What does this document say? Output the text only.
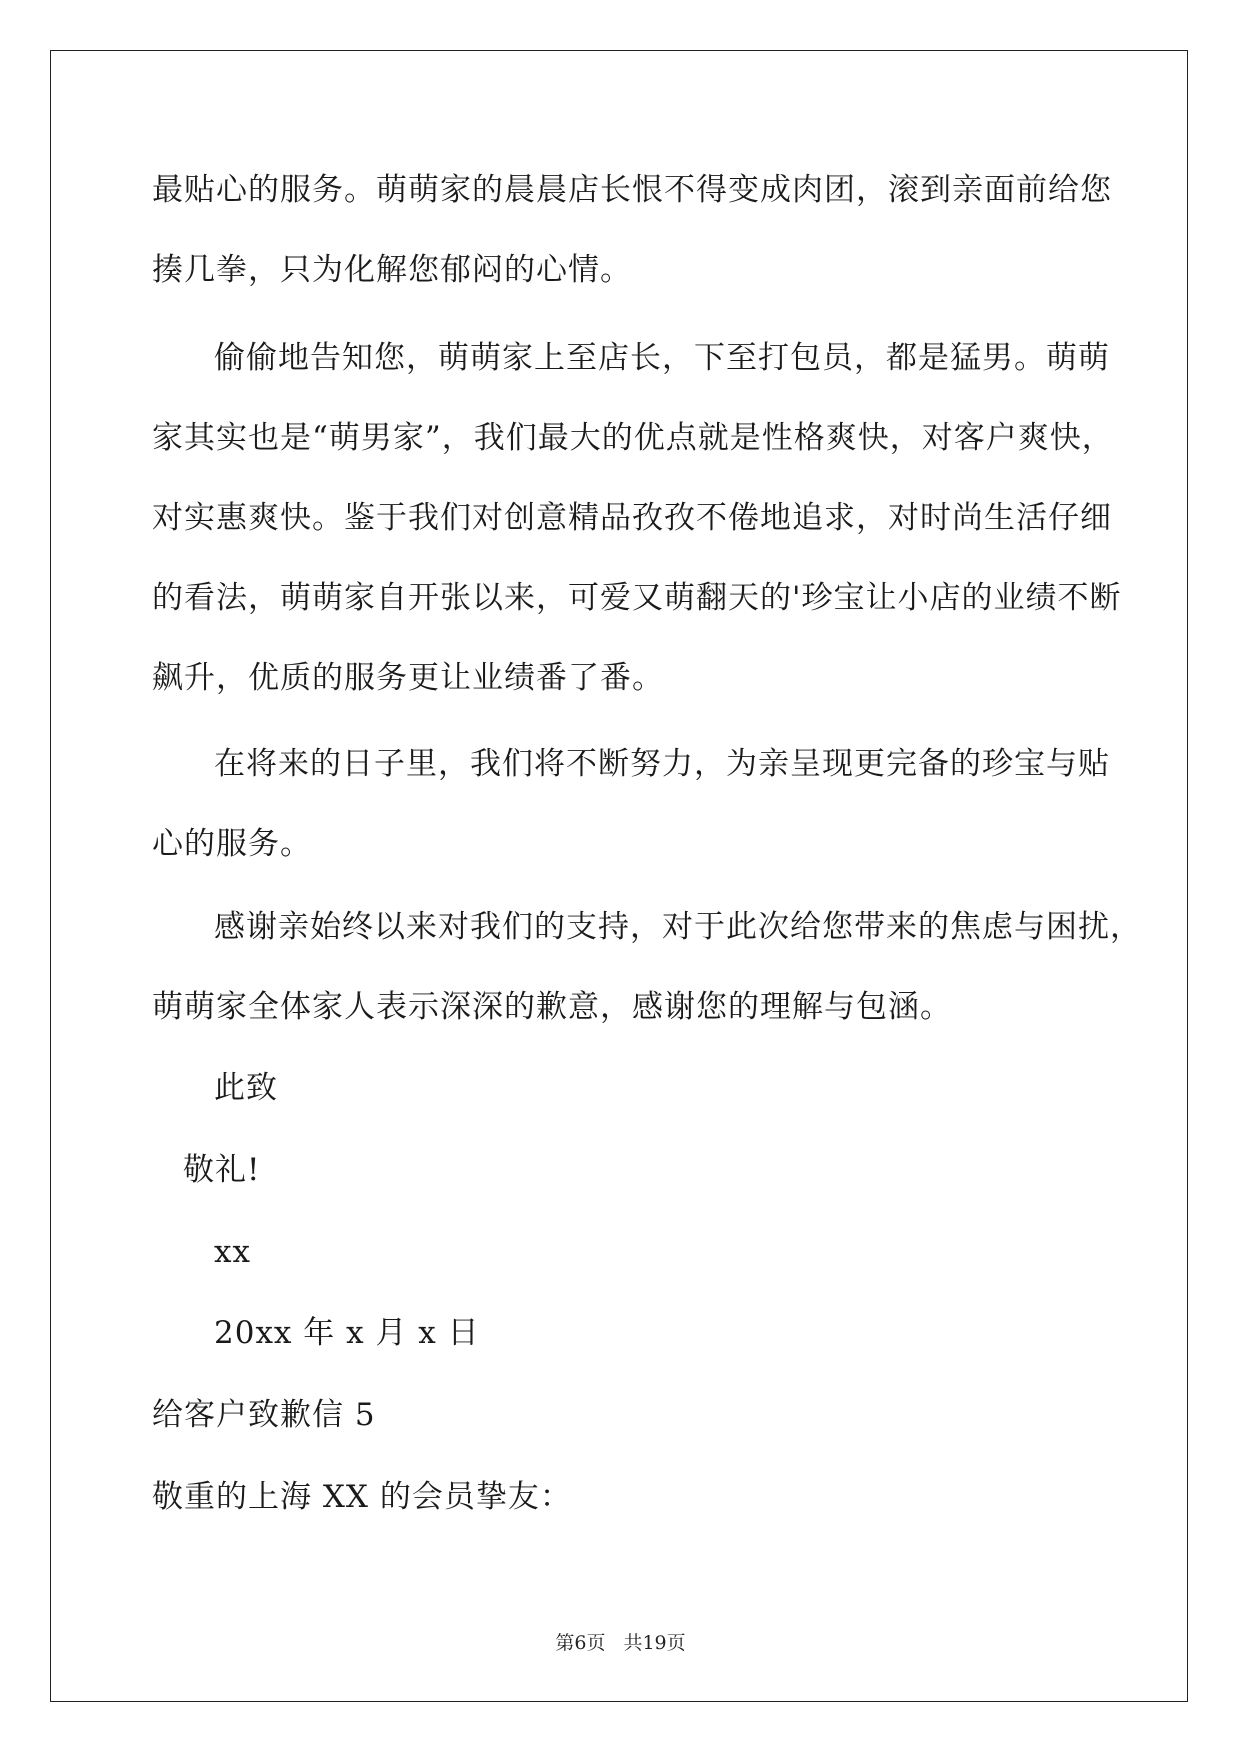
最贴心的服务。萌萌家的晨晨店长恨不得变成肉团，滚到亲面前给您
揍几拳，只为化解您郁闷的心情。
偷偷地告知您，萌萌家上至店长，下至打包员，都是猛男。萌萌
家其实也是“萌男家”，我们最大的优点就是性格爽快，对客户爽快，
对实惠爽快。鉴于我们对创意精品孜孜不倦地追求，对时尚生活仔细
的看法，萌萌家自开张以来，可爱又萌翻天的'珍宝让小店的业绩不断
飙升，优质的服务更让业绩番了番。
在将来的日子里，我们将不断努力，为亲呈现更完备的珍宝与贴
心的服务。
感谢亲始终以来对我们的支持，对于此次给您带来的焦虑与困扰，
萌萌家全体家人表示深深的歉意，感谢您的理解与包涵。
此致
敬礼!
xx
20xx 年 x 月 x 日
给客户致歉信 5
敬重的上海 XX 的会员挚友：
第6页 共19页
